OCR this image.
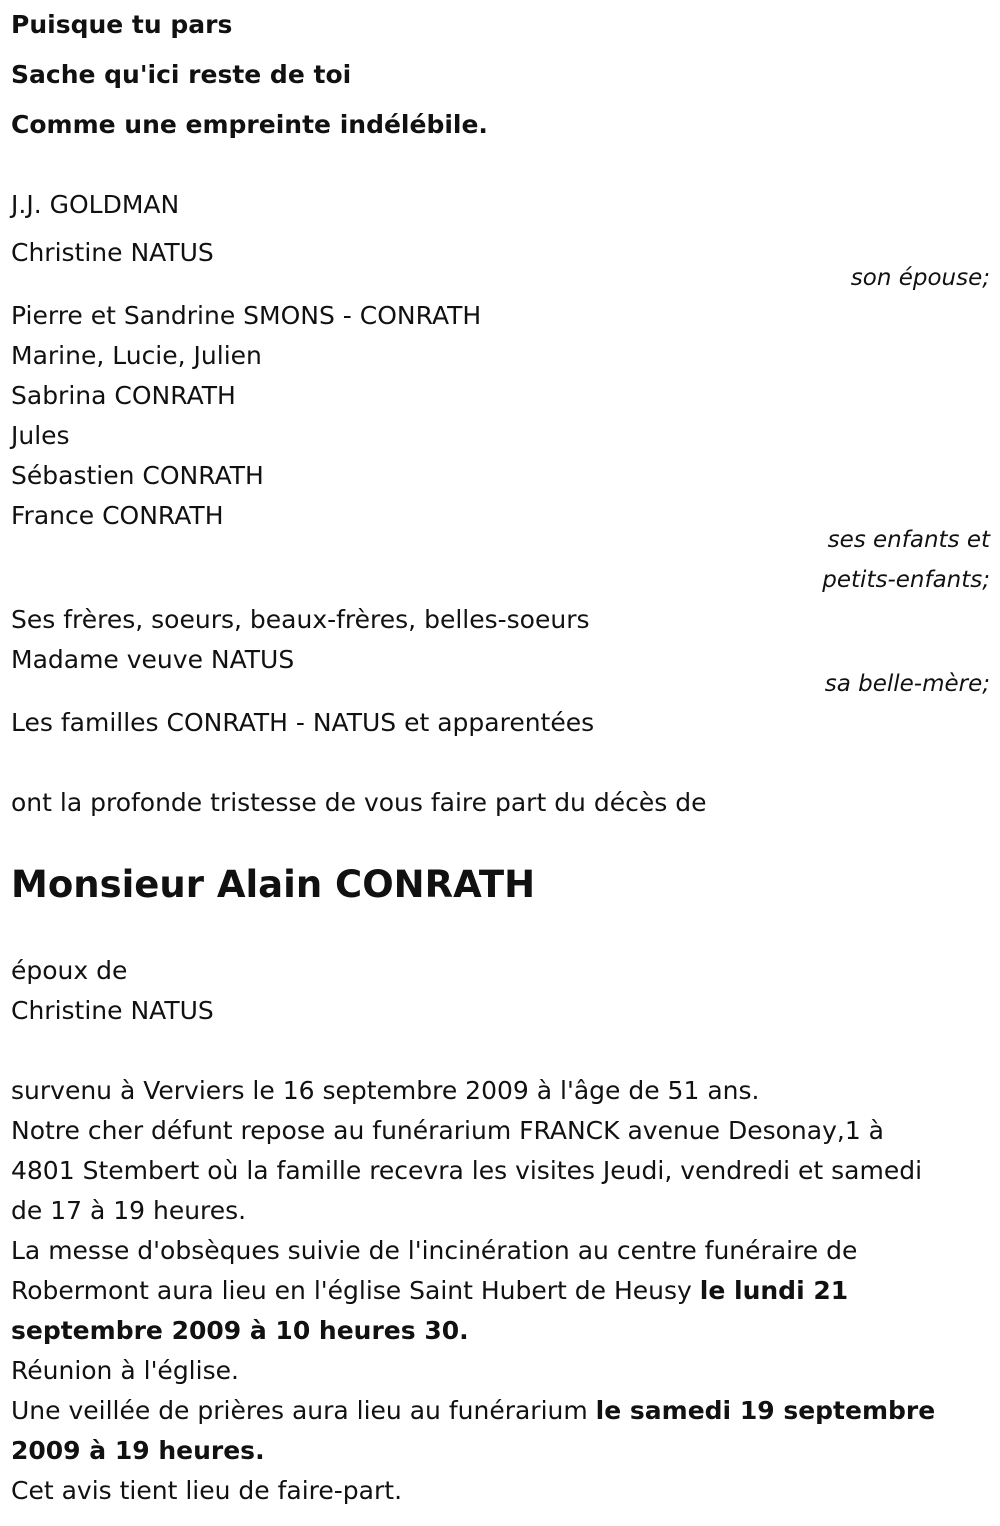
Puisque tu pars
Sache qu'ici reste de toi
Comme une empreinte indélébile.
J.J. GOLDMAN
Christine NATUS
son épouse;
Pierre et Sandrine SMONS - CONRATH
Marine, Lucie, Julien
Sabrina CONRATH
Jules
Sébastien CONRATH
France CONRATH
ses enfants et
petits-enfants;
Ses frères, soeurs, beaux-frères, belles-soeurs
Madame veuve NATUS
sa belle-mère;
Les familles CONRATH - NATUS et apparentées
ont la profonde tristesse de vous faire part du décès de
Monsieur Alain CONRATH
époux de
Christine NATUS
survenu à Verviers le 16 septembre 2009 à l'âge de 51 ans.
Notre cher défunt repose au funérarium FRANCK avenue Desonay,1 à
4801 Stembert où la famille recevra les visites Jeudi, vendredi et samedi
de 17 à 19 heures.
La messe d'obsèques suivie de l'incinération au centre funéraire de
Robermont aura lieu en l'église Saint Hubert de Heusy le lundi 21
septembre 2009 à 10 heures 30.
Réunion à l'église.
Une veillée de prières aura lieu au funérarium le samedi 19 septembre
2009 à 19 heures.
Cet avis tient lieu de faire-part.
